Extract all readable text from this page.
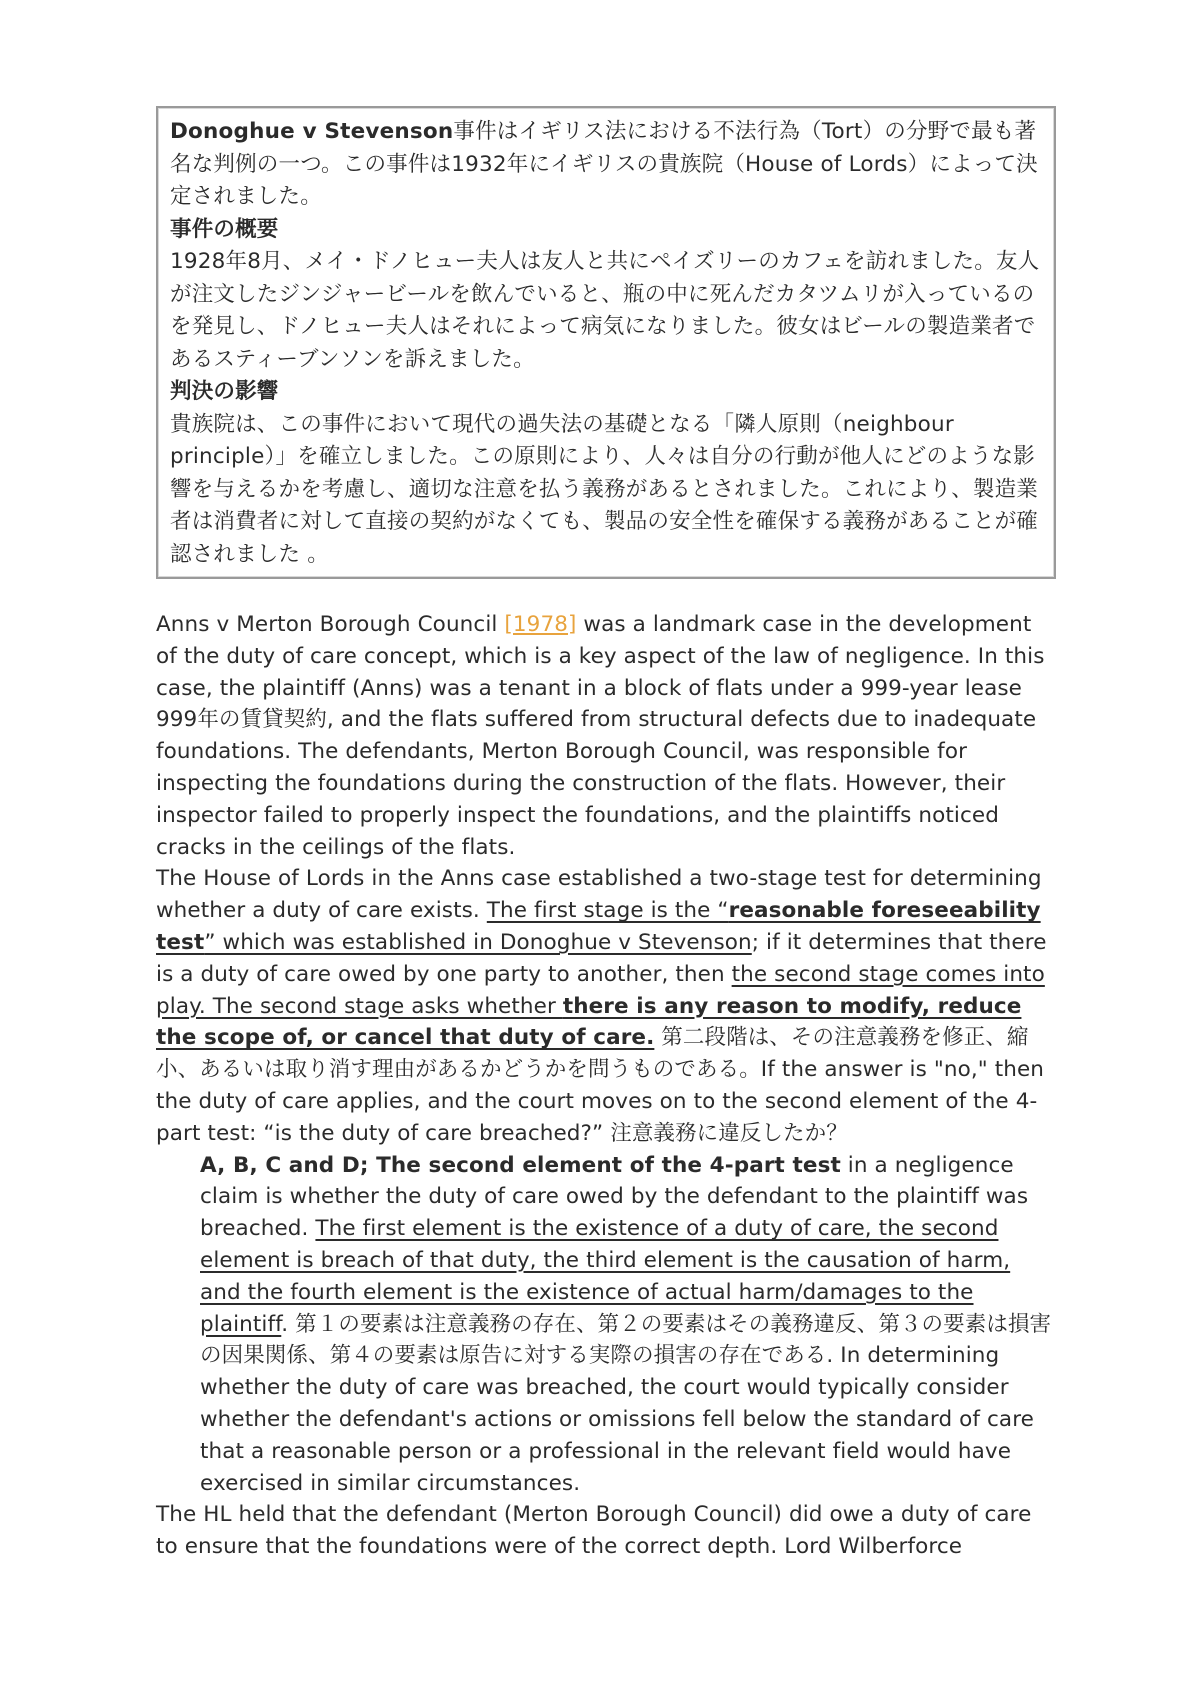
Donoghue v Stevenson事件はイギリス法における不法行為（Tort）の分野で最も著名な判例の一つ。この事件は1932年にイギリスの貴族院（House of Lords）によって決定されました。

事件の概要

1928年8月、メイ・ドノヒュー夫人は友人と共にペイズリーのカフェを訪れました。友人が注文したジンジャービールを飲んでいると、瓶の中に死んだカタツムリが入っているのを発見し、ドノヒュー夫人はそれによって病気になりました。彼女はビールの製造業者であるスティーブンソンを訴えました。

判決の影響

貴族院は、この事件において現代の過失法の基礎となる「隣人原則（neighbour principle）」を確立しました。この原則により、人々は自分の行動が他人にどのような影響を与えるかを考慮し、適切な注意を払う義務があるとされました。これにより、製造業者は消費者に対して直接の契約がなくても、製品の安全性を確保する義務があることが確認されました 。

Anns v Merton Borough Council [1978] was a landmark case in the development of the duty of care concept, which is a key aspect of the law of negligence. In this case, the plaintiff (Anns) was a tenant in a block of flats under a 999-year lease 999年の賃貸契約, and the flats suffered from structural defects due to inadequate foundations. The defendants, Merton Borough Council, was responsible for inspecting the foundations during the construction of the flats. However, their inspector failed to properly inspect the foundations, and the plaintiffs noticed cracks in the ceilings of the flats.

The House of Lords in the Anns case established a two-stage test for determining whether a duty of care exists. The first stage is the “reasonable foreseeability test” which was established in Donoghue v Stevenson; if it determines that there is a duty of care owed by one party to another, then the second stage comes into play. The second stage asks whether there is any reason to modify, reduce the scope of, or cancel that duty of care. 第二段階は、その注意義務を修正、縮小、あるいは取り消す理由があるかどうかを問うものである。If the answer is "no," then the duty of care applies, and the court moves on to the second element of the 4-part test: “is the duty of care breached?” 注意義務に違反したか？

A, B, C and D; The second element of the 4-part test in a negligence claim is whether the duty of care owed by the defendant to the plaintiff was breached. The first element is the existence of a duty of care, the second element is breach of that duty, the third element is the causation of harm, and the fourth element is the existence of actual harm/damages to the plaintiff. 第１の要素は注意義務の存在、第２の要素はその義務違反、第３の要素は損害の因果関係、第４の要素は原告に対する実際の損害の存在である. In determining whether the duty of care was breached, the court would typically consider whether the defendant's actions or omissions fell below the standard of care that a reasonable person or a professional in the relevant field would have exercised in similar circumstances.

The HL held that the defendant (Merton Borough Council) did owe a duty of care to ensure that the foundations were of the correct depth. Lord Wilberforce
